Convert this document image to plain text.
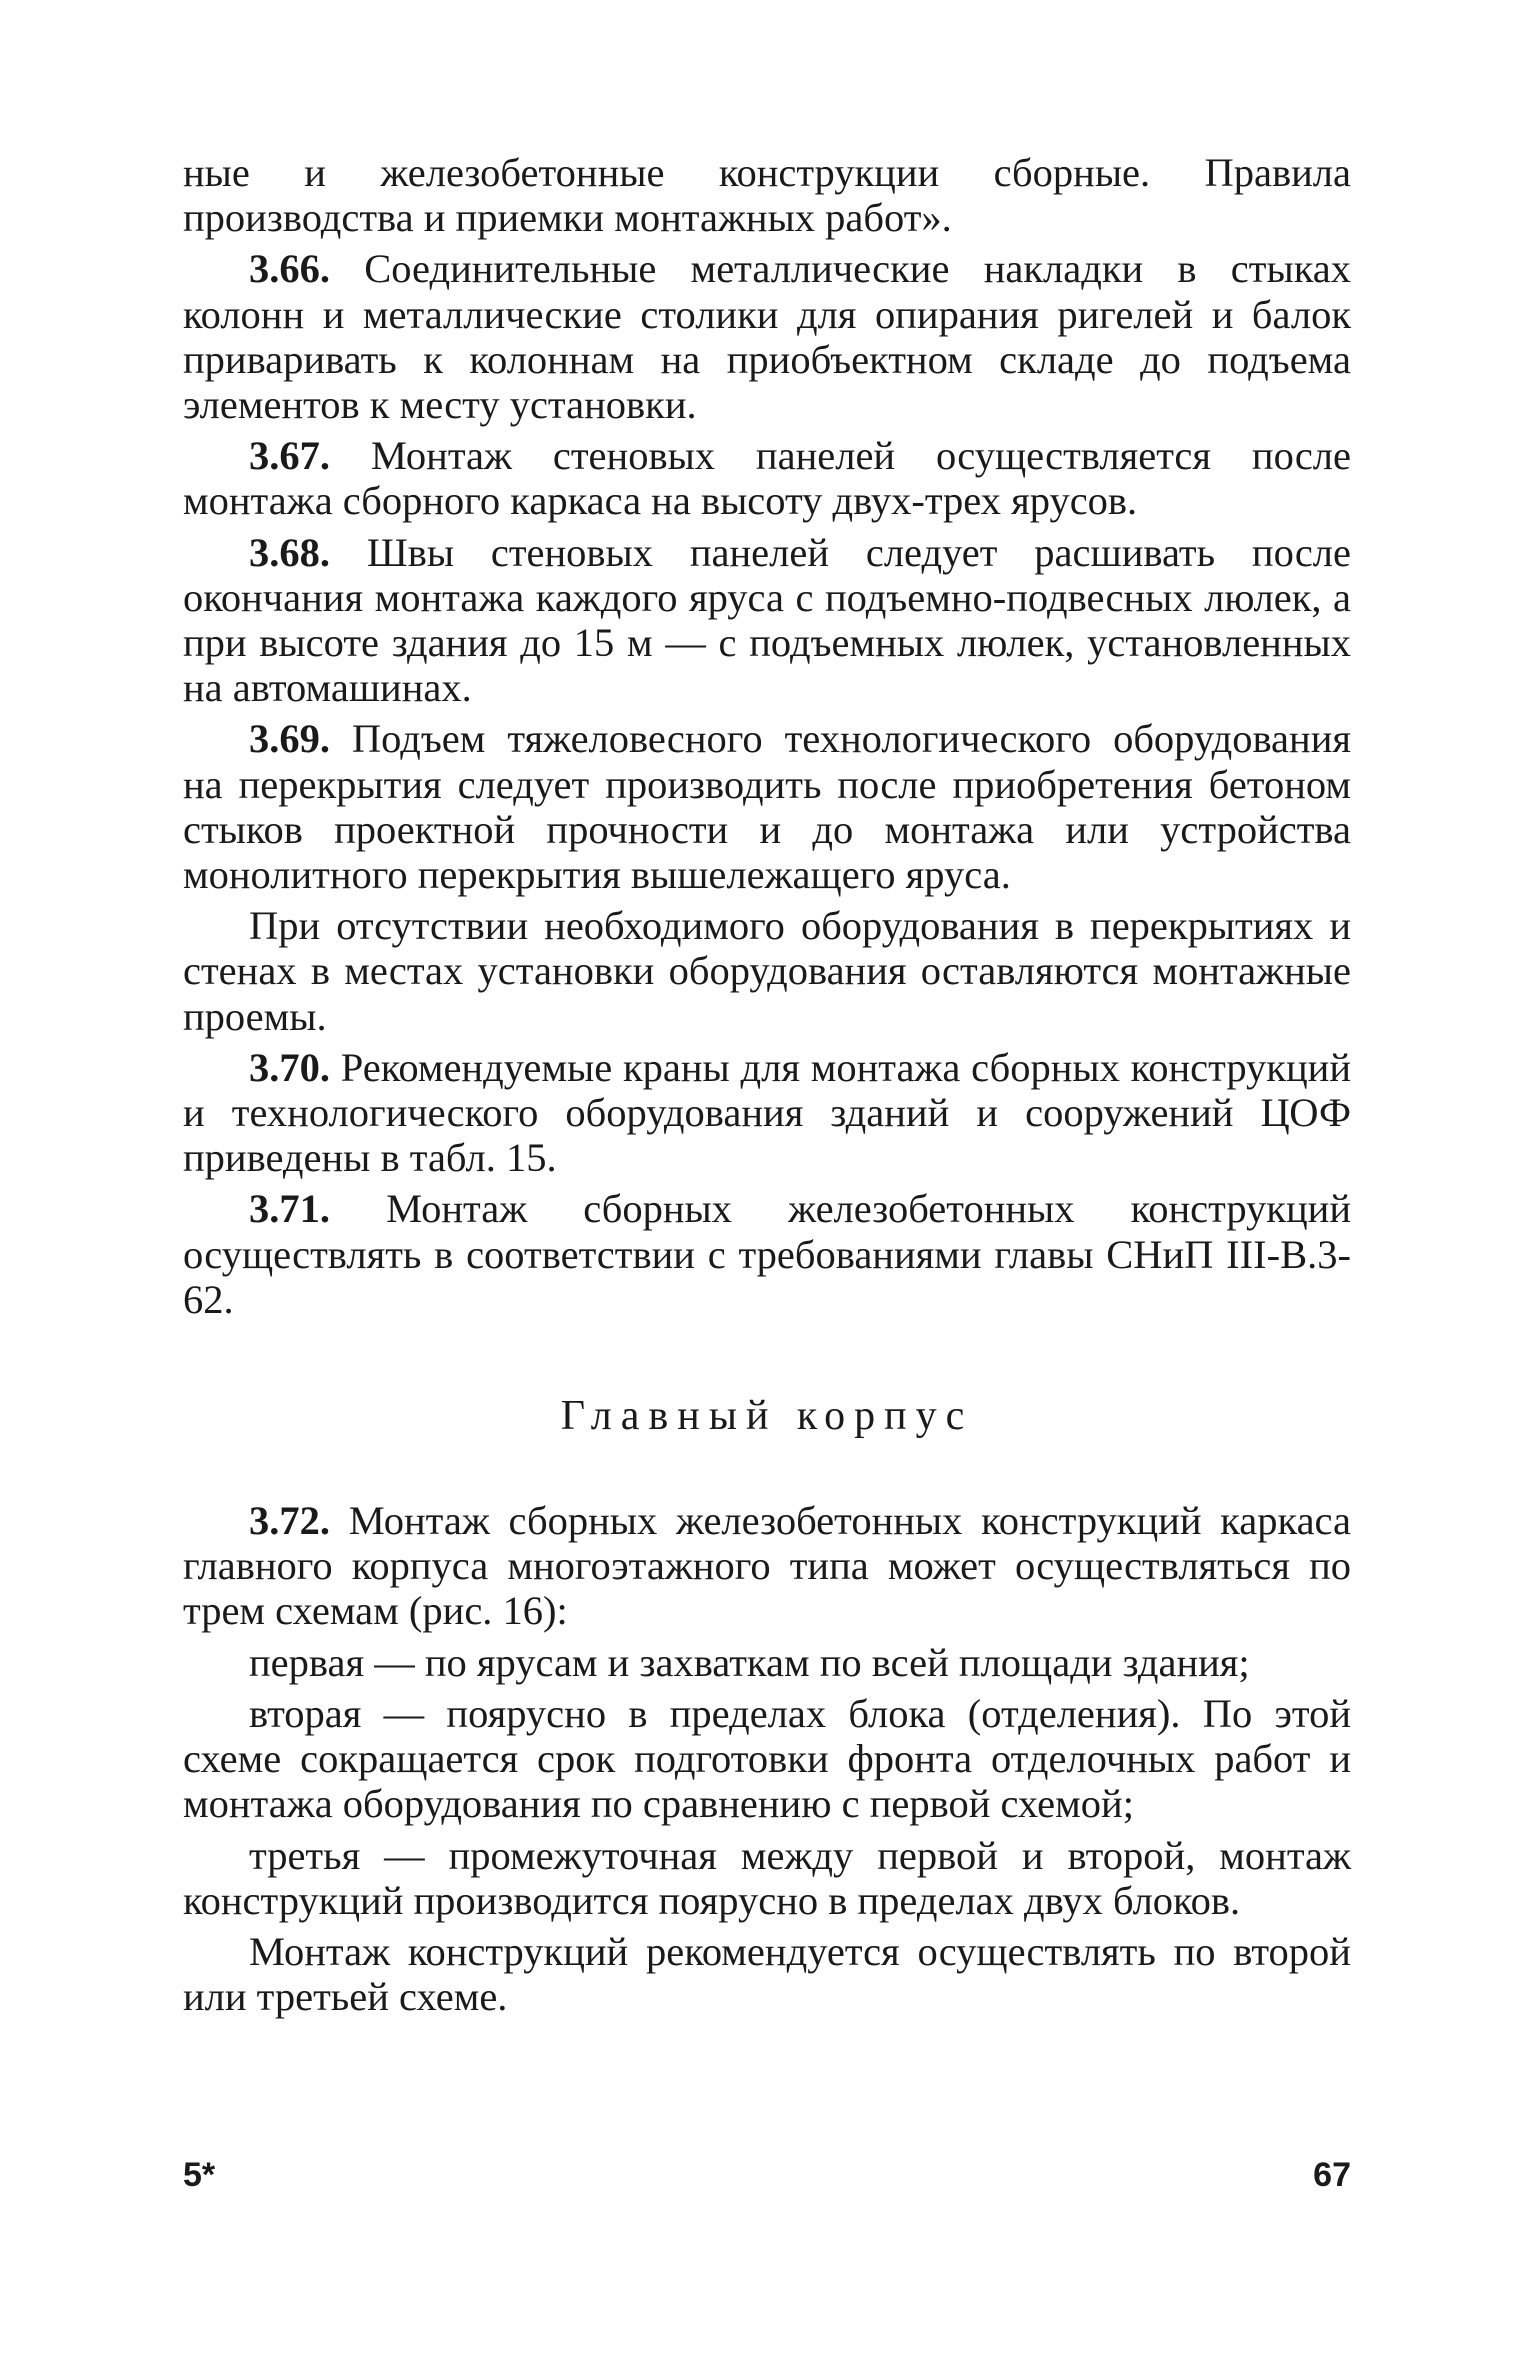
ные и железобетонные конструкции сборные. Правила производства и приемки монтажных работ».

3.66. Соединительные металлические накладки в стыках колонн и металлические столики для опирания ригелей и балок приваривать к колоннам на приобъектном складе до подъема элементов к месту установки.

3.67. Монтаж стеновых панелей осуществляется после монтажа сборного каркаса на высоту двух-трех ярусов.

3.68. Швы стеновых панелей следует расшивать после окончания монтажа каждого яруса с подъемно-подвесных люлек, а при высоте здания до 15 м — с подъемных люлек, установленных на автомашинах.

3.69. Подъем тяжеловесного технологического оборудования на перекрытия следует производить после приобретения бетоном стыков проектной прочности и до монтажа или устройства монолитного перекрытия вышележащего яруса.

При отсутствии необходимого оборудования в перекрытиях и стенах в местах установки оборудования оставляются монтажные проемы.

3.70. Рекомендуемые краны для монтажа сборных конструкций и технологического оборудования зданий и сооружений ЦОФ приведены в табл. 15.

3.71. Монтаж сборных железобетонных конструкций осуществлять в соответствии с требованиями главы СНиП III-В.3-62.

Главный корпус

3.72. Монтаж сборных железобетонных конструкций каркаса главного корпуса многоэтажного типа может осуществляться по трем схемам (рис. 16):

первая — по ярусам и захваткам по всей площади здания;

вторая — поярусно в пределах блока (отделения). По этой схеме сокращается срок подготовки фронта отделочных работ и монтажа оборудования по сравнению с первой схемой;

третья — промежуточная между первой и второй, монтаж конструкций производится поярусно в пределах двух блоков.

Монтаж конструкций рекомендуется осуществлять по второй или третьей схеме.

5*	67
